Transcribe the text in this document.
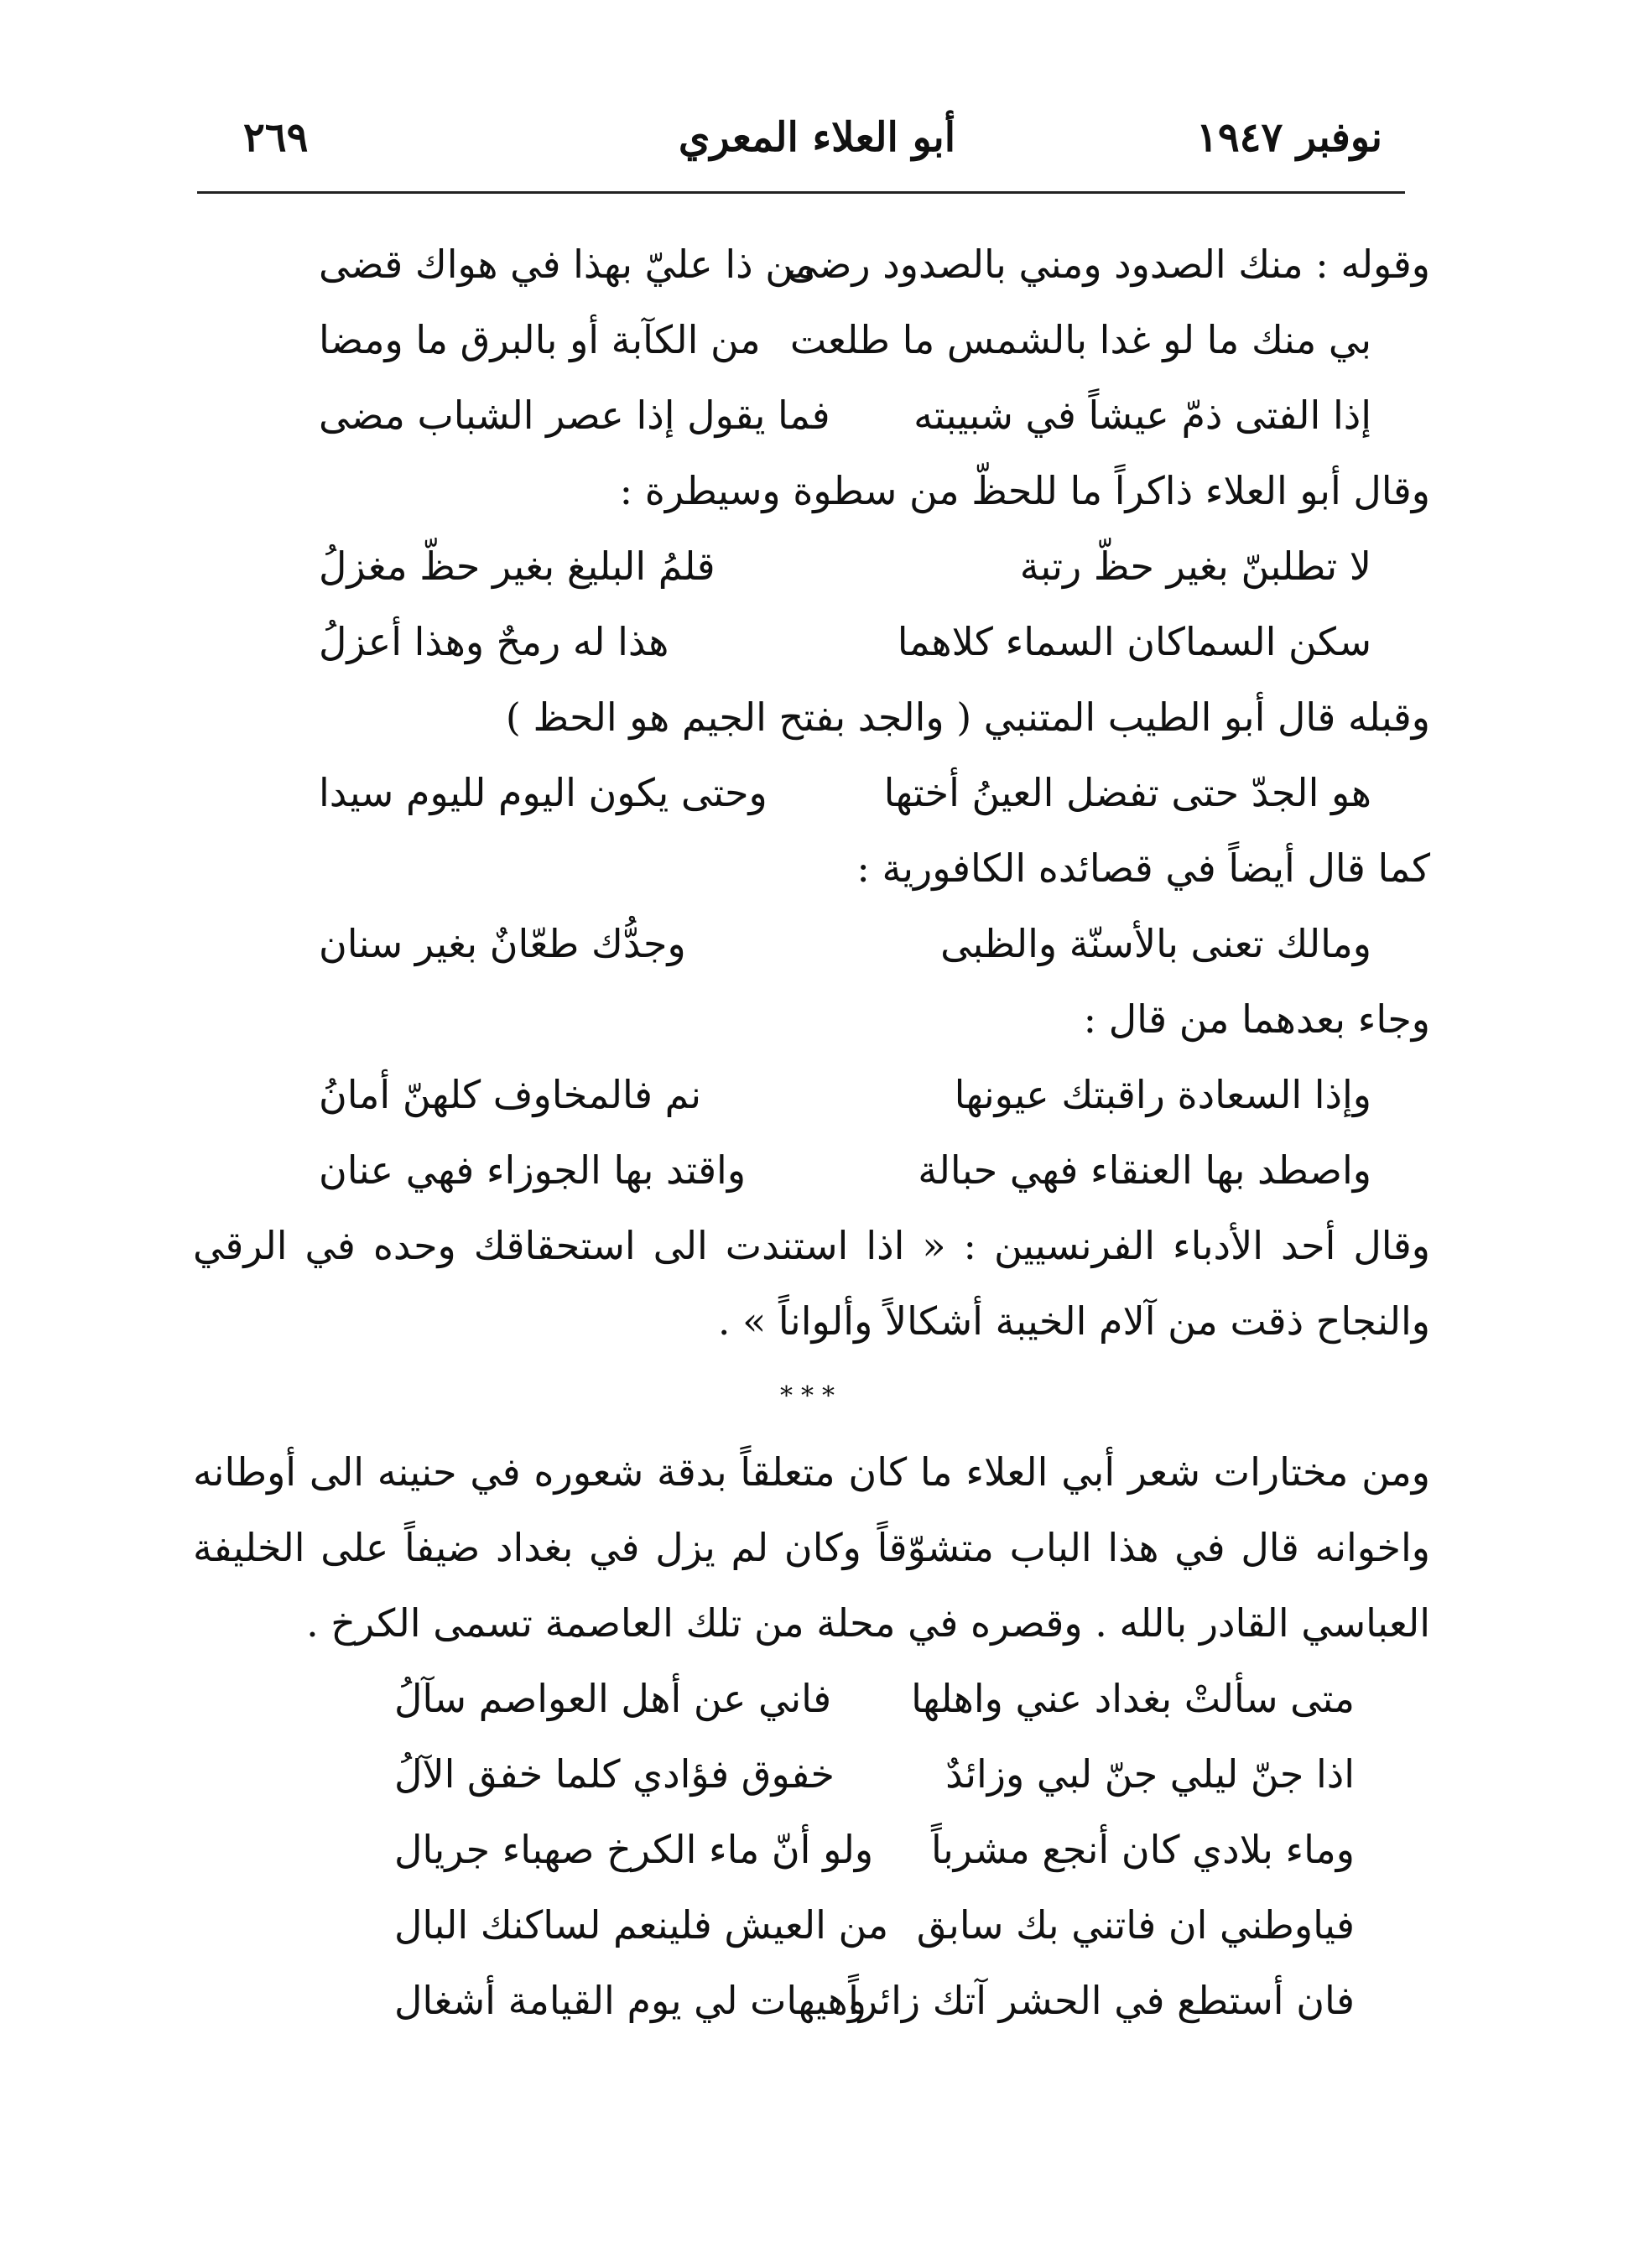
نوفبر ١٩٤٧
أبو العلاء المعري
٢٦٩
وقوله : منك الصدود ومني بالصدود رضى
من ذا عليّ بهذا في هواك قضى
بي منك ما لو غدا بالشمس ما طلعت
من الكآبة أو بالبرق ما ومضا
إذا الفتى ذمّ عيشاً في شبيبته
فما يقول إذا عصر الشباب مضى

وقال أبو العلاء ذاكراً ما للحظّ من سطوة وسيطرة :

لا تطلبنّ بغير حظّ رتبة
قلمُ البليغ بغير حظّ مغزلُ
سكن السماكان السماء كلاهما
هذا له رمحٌ وهذا أعزلُ

وقبله قال أبو الطيب المتنبي ( والجد بفتح الجيم هو الحظ )

هو الجدّ حتى تفضل العينُ أختها
وحتى يكون اليوم لليوم سيدا

كما قال أيضاً في قصائده الكافورية :

ومالك تعنى بالأسنّة والظبى
وجدُّك طعّانٌ بغير سنان

وجاء بعدهما من قال :

وإذا السعادة راقبتك عيونها
نم فالمخاوف كلهنّ أمانُ
واصطد بها العنقاء فهي حبالة
واقتد بها الجوزاء فهي عنان

وقال أحد الأدباء الفرنسيين : « اذا استندت الى استحقاقك وحده في الرقي والنجاح ذقت من آلام الخيبة أشكالاً وألواناً » .

***

ومن مختارات شعر أبي العلاء ما كان متعلقاً بدقة شعوره في حنينه الى أوطانه واخوانه قال في هذا الباب متشوّقاً وكان لم يزل في بغداد ضيفاً على الخليفة العباسي القادر بالله . وقصره في محلة من تلك العاصمة تسمى الكرخ .

متى سألتْ بغداد عني واهلها
فاني عن أهل العواصم سآلُ
اذا جنّ ليلي جنّ لبي وزائدٌ
خفوق فؤادي كلما خفق الآلُ
وماء بلادي كان أنجع مشرباً
ولو أنّ ماء الكرخ صهباء جريال
فياوطني ان فاتني بك سابق
من العيش فلينعم لساكنك البال
فان أستطع في الحشر آتك زائراً
وهيهات لي يوم القيامة أشغال
